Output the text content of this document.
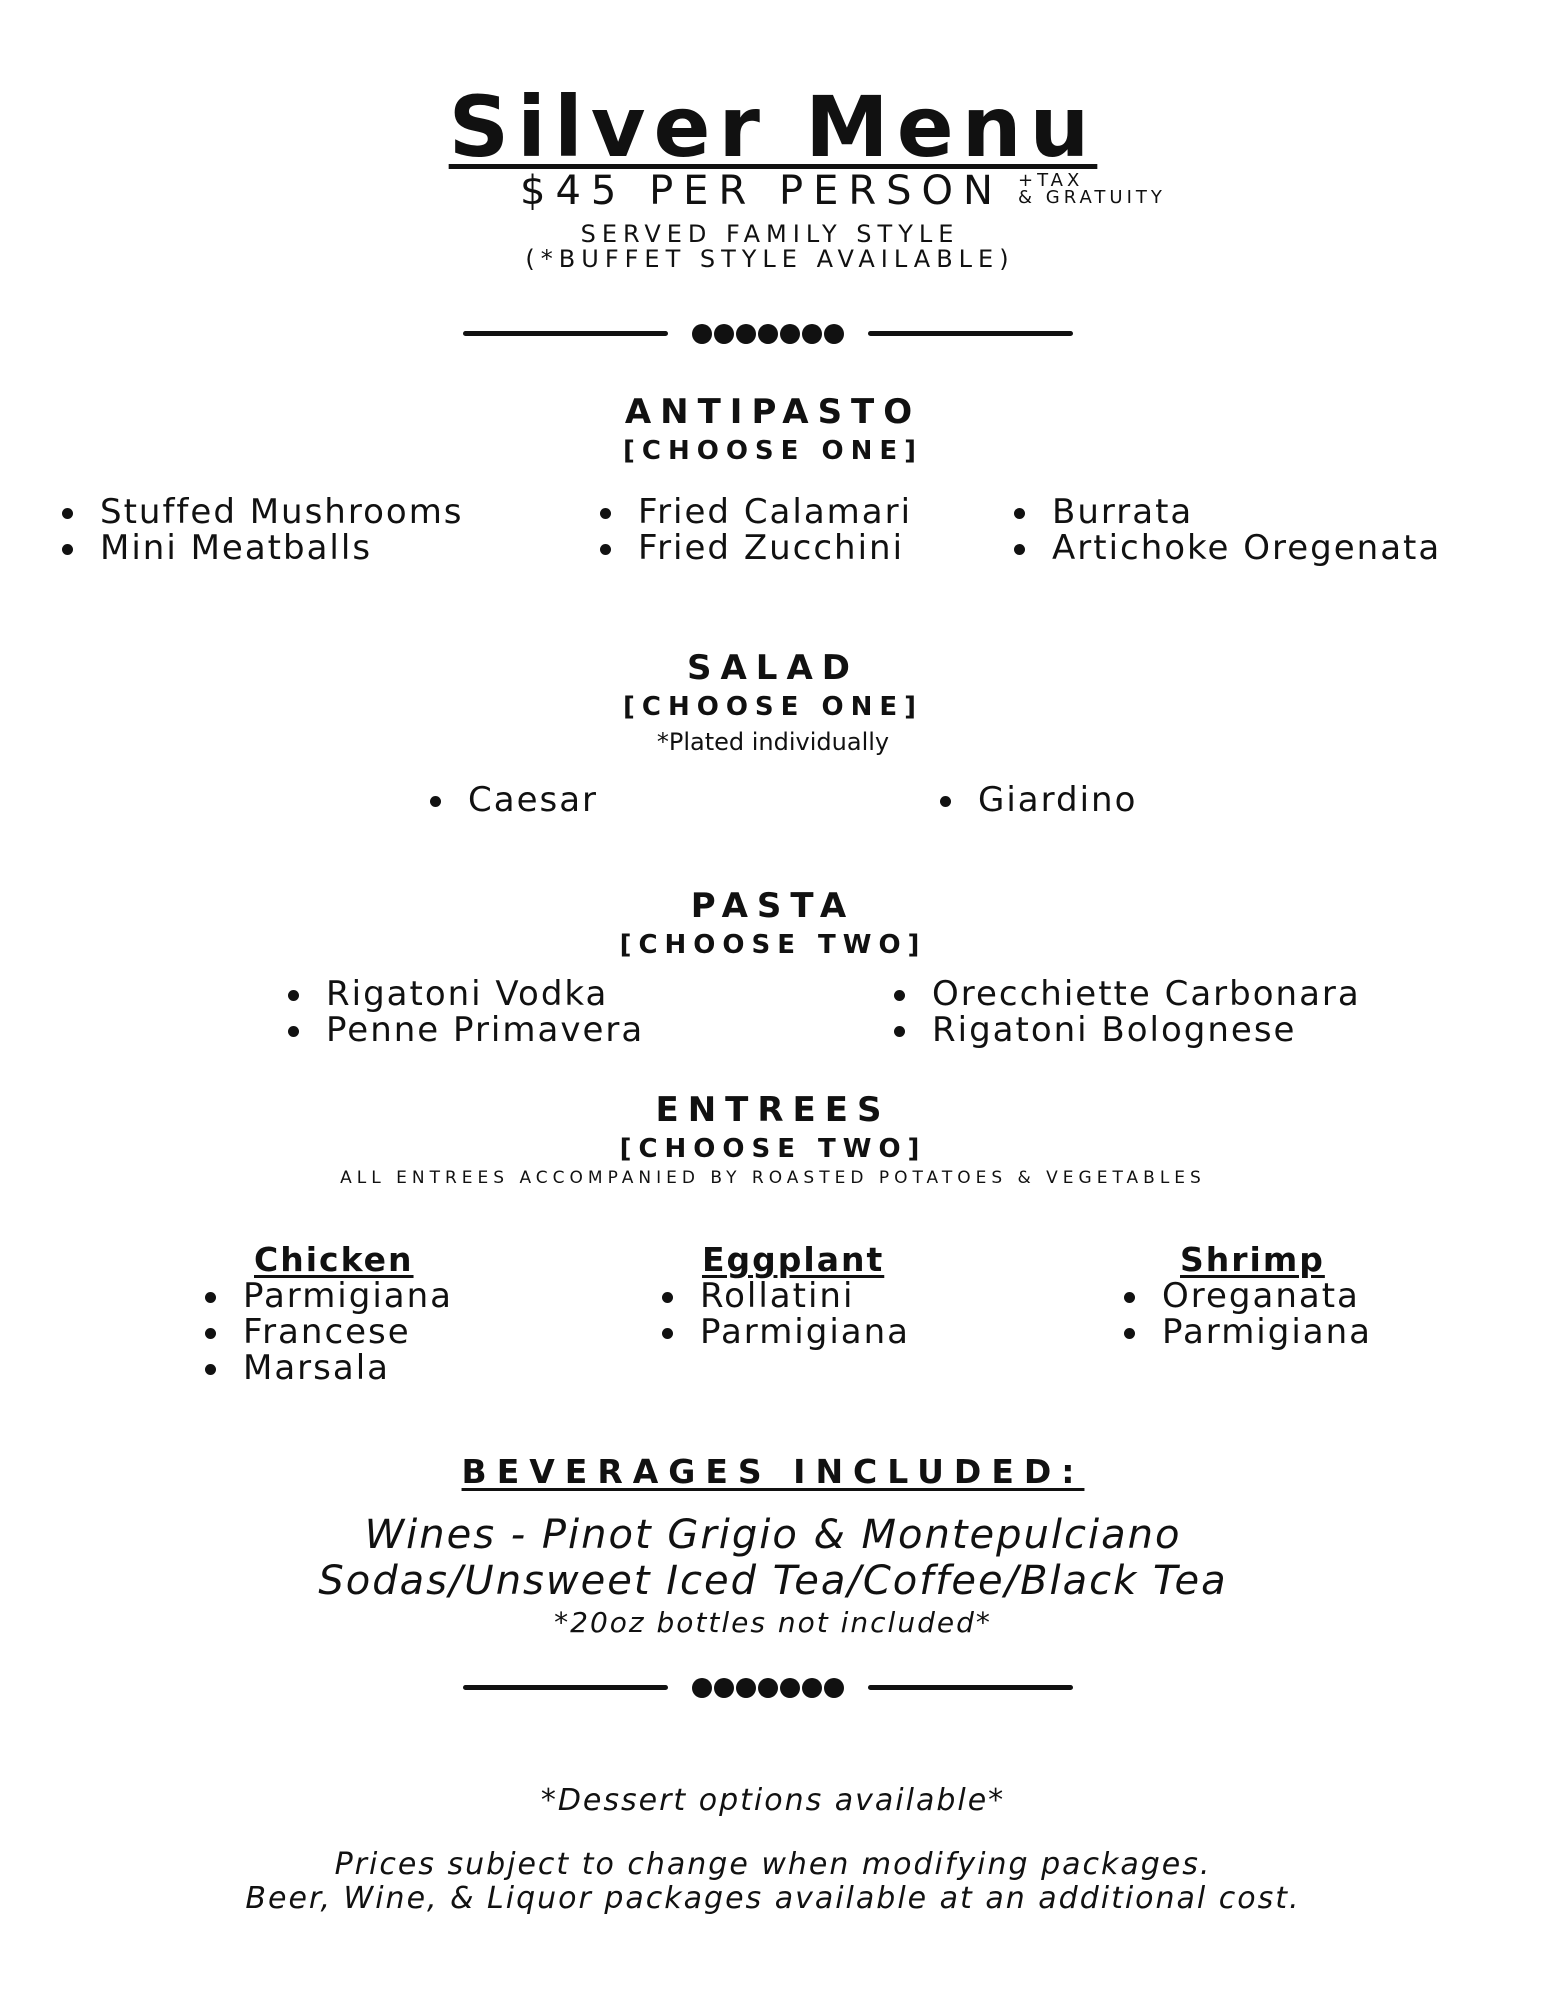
Silver Menu
$45 PER PERSON +TAX
& GRATUITY
SERVED FAMILY STYLE
(*BUFFET STYLE AVAILABLE)
ANTIPASTO
[CHOOSE ONE]
Stuffed Mushrooms
Mini Meatballs
Fried Calamari
Fried Zucchini
Burrata
Artichoke Oregenata
SALAD
[CHOOSE ONE]
*Plated individually
Caesar	Giardino
PASTA
[CHOOSE TWO]
Rigatoni Vodka
Penne Primavera
Orecchiette Carbonara
Rigatoni Bolognese
ENTREES
[CHOOSE TWO]
ALL ENTREES ACCOMPANIED BY ROASTED POTATOES & VEGETABLES
Chicken
Parmigiana
Francese
Marsala
Eggplant
Rollatini
Parmigiana
Shrimp
Oreganata
Parmigiana
BEVERAGES INCLUDED:
Wines - Pinot Grigio & Montepulciano
Sodas/Unsweet Iced Tea/Coffee/Black Tea
*20oz bottles not included*
*Dessert options available*
Prices subject to change when modifying packages.
Beer, Wine, & Liquor packages available at an additional cost.
